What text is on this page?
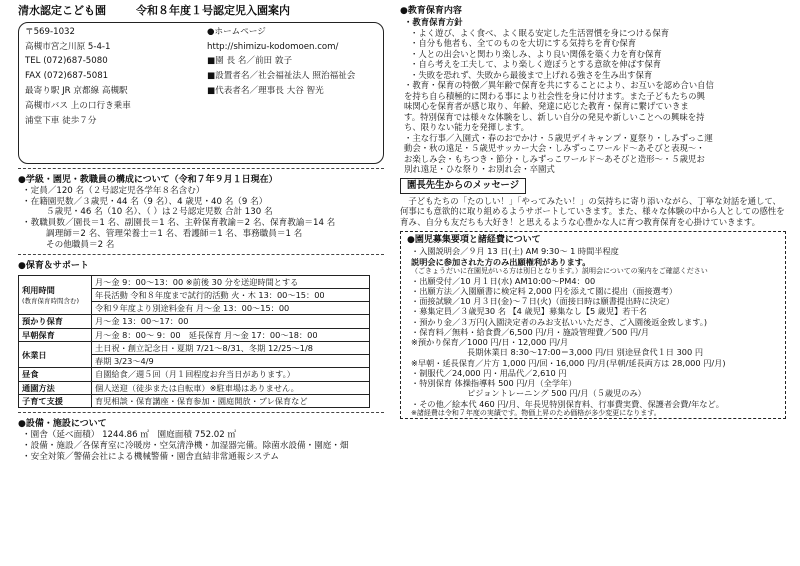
清水認定こども園	令和８年度１号認定児入園案内
〒569-1032
高槻市宮之川原 5-4-1
TEL (072)687-5080
FAX (072)687-5081
最寄り駅 JR 京都線 高槻駅
高槻市バス 上の口行き乗車
浦堂下車 徒歩７分
●ホームページ
http://shimizu-kodomoen.com/
■園 長 名／前田 敦子
■設置者名／社会福祉法人 照治福祉会
■代表者名／理事長 大谷 智光
●学級・園児・教職員の構成について（令和７年９月１日現在）
・定員／120 名（２号認定児各学年８名含む）
・在籍園児数／３歳児・44 名（9 名）、4 歳児・40 名（9 名）
５歳児・46 名（10 名）、（ ）は２号認定児数 合計 130 名
・教職員数／園長＝1 名、副園長＝1 名、主幹保育教諭＝2 名、保育教諭＝14 名
調理師＝2 名、管理栄養士＝1 名、看護師＝1 名、事務職員＝1 名
その他職員＝2 名
●保育＆サポート
利用時間
(教育保育時間含む)	月～金 9：00～13：00 ※前後 30 分を送迎時間とする
	年長活動 令和８年度まで試行的活動 火・木 13：00～15：00
	令和９年度より別途料金有 月～金 13：00～15：00
預かり保育	月～金 13：00～17：00
早朝保育	月～金 8：00～ 9：00　延長保育 月～金 17：00～18：00
休業日	土日祝・創立記念日・夏期 7/21～8/31、冬期 12/25～1/8
	春期 3/23～4/9
昼食	自園給食／週５回（月１回程度お弁当日があります。）
通園方法	個人送迎（徒歩または自転車）※駐車場はありません。
子育て支援	育児相談・保育講座・保育参加・園庭開放・プレ保育など
●設備・施設について
・園舎（延べ面積） 1244.86 ㎡　園庭面積 752.02 ㎡
・設備・施設／各保育室に冷暖房・空気清浄機・加湿器完備。除菌水設備・園庭・畑
・安全対策／警備会社による機械警備・園舎直結非常通報システム
●教育保育内容
・教育保育方針
・よく遊び、よく食べ、よく眠る安定した生活習慣を身につける保育
・自分も他者も、全てのものを大切にする気持ちを育む保育
・人との出会いと関わり楽しみ、より良い関係を築く力を育む保育
・自ら考えを工夫して、より楽しく遊ぼうとする意欲を伸ばす保育
・失敗を恐れず、失敗から最後まで上げれる強さを生み出す保育
・教育・保育の特徴／異年齢で保育を共にすることにより、お互いを認め合い自信
を持ち自ら積極的に関わる事により社会性を身に付けます。また子どもたちの興
味関心を保育者が感じ取り、年齢、発達に応じた教育・保育に繋げていきま
す。特別保育では様々な体験をし、新しい自分の発見や新しいことへの興味を持
ち、限りない能力を発揮します。
・主な行事／入園式・春のおでかけ・５歳児デイキャンプ・夏祭り・しみずっこ運
動会・秋の遠足・５歳児サッカー大会・しみずっこワールド～あそびと表現～・
お楽しみ会・もちつき・節分・しみずっこワールド～あそびと造形～・５歳児お
別れ遠足・ひな祭り・お別れ会・卒園式
園長先生からのメッセージ
子どもたちの「たのしい！」「やってみたい！」の気持ちに寄り添いながら、丁寧な対話を通して、何事にも意欲的に取り組めるようサポートしていきます。また、様々な体験の中から人としての感性を育み、自分も友だちも大好き！と思えるような心豊かな人に育つ教育保育を心掛けていきます。
●園児募集要項と諸経費について
・入園説明会／９月 13 日(土) AM 9:30～ 1 時間半程度
説明会に参加された方のみ出願権利があります。
（ごきょうだいに在園児がいる方は別日となります。）説明会についての案内をご確認ください
・出願受付／10 月１日(水) AM10:00～PM4：00
・出願方法／入園願書に検定料 2,000 円を添えて園に提出（面接選考）
・面接試験／10 月３日(金)～７日(火)（面接日時は願書提出時に決定）
・募集定員／３歳児30 名 【4 歳児】募集なし【5 歳児】若干名
・預かり金／３万円(入園決定者のみお支払いいただき、ご入園後返金致します。)
・保育料／無料・給食費／6,500 円/月・施設管理費／500 円/月
※預かり保育／1000 円/日・12,000 円/月
長期休業日 8:30～17:00＝3,000 円/日 別途昼食代１日 300 円
※早朝・延長保育／片方 1,000 円/回・16,000 円/月(早朝/延長両方は 28,000 円/月)
・制服代／24,000 円・用品代／2,610 円
・特別保育 体操指導料 500 円/月（全学年）
ピジョントレーニング 500 円/月（５歳児のみ）
・その他／絵本代 460 円/月、年長児特別保育料、行事費実費、保護者会費/年など。
※諸経費は令和７年度の実績です。物価上昇のため価格が多少変更になります。
